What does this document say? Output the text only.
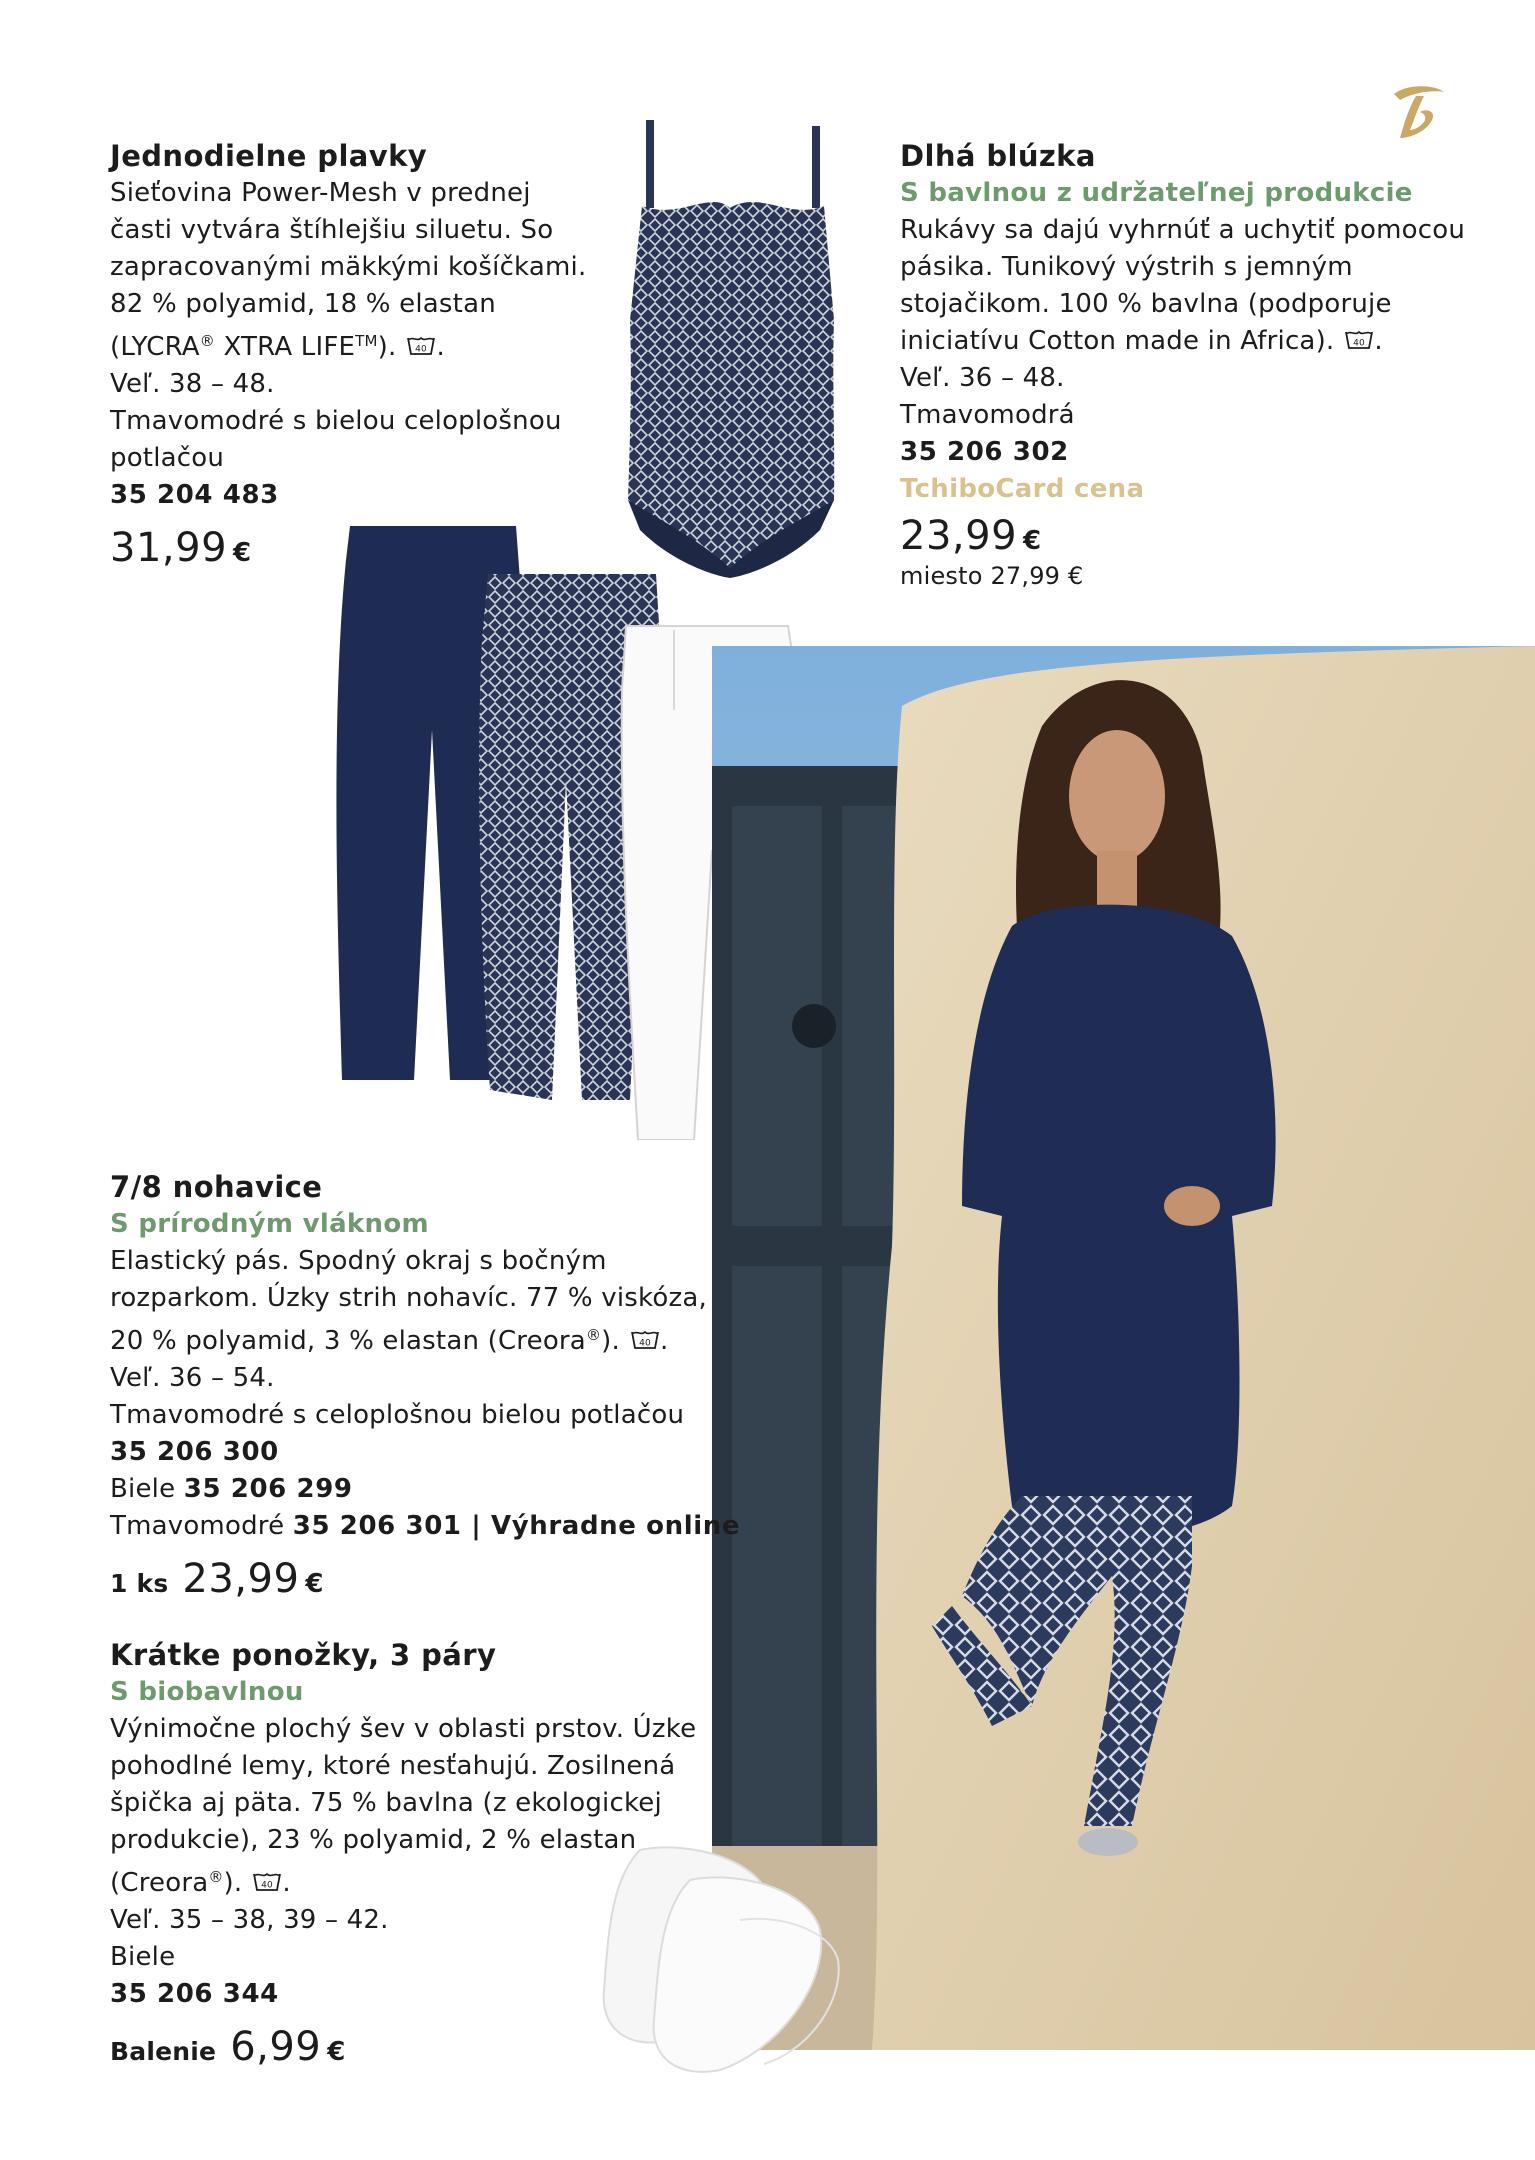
Jednodielne plavky
Sieťovina Power-Mesh v prednej
časti vytvára štíhlejšiu siluetu. So
zapracovanými mäkkými košíčkami.
82 % polyamid, 18 % elastan
(LYCRA® XTRA LIFE™). 40 .
Veľ. 38 – 48.
Tmavomodré s bielou celoplošnou
potlačou
35 204 483
31,99 €
Dlhá blúzka
S bavlnou z udržateľnej produkcie
Rukávy sa dajú vyhrnúť a uchytiť pomocou
pásika. Tunikový výstrih s jemným
stojačikom. 100 % bavlna (podporuje
iniciatívu Cotton made in Africa). 40 .
Veľ. 36 – 48.
Tmavomodrá
35 206 302
TchiboCard cena
23,99 €
miesto 27,99 €
7/8 nohavice
S prírodným vláknom
Elastický pás. Spodný okraj s bočným
rozparkom. Úzky strih nohavíc. 77 % viskóza,
20 % polyamid, 3 % elastan (Creora®). 40 .
Veľ. 36 – 54.
Tmavomodré s celoplošnou bielou potlačou
35 206 300
Biele 35 206 299
Tmavomodré 35 206 301 | Výhradne online
1 ks 23,99 €
Krátke ponožky, 3 páry
S biobavlnou
Výnimočne plochý šev v oblasti prstov. Úzke
pohodlné lemy, ktoré nesťahujú. Zosilnená
špička aj päta. 75 % bavlna (z ekologickej
produkcie), 23 % polyamid, 2 % elastan
(Creora®). 40 .
Veľ. 35 – 38, 39 – 42.
Biele
35 206 344
Balenie 6,99 €
